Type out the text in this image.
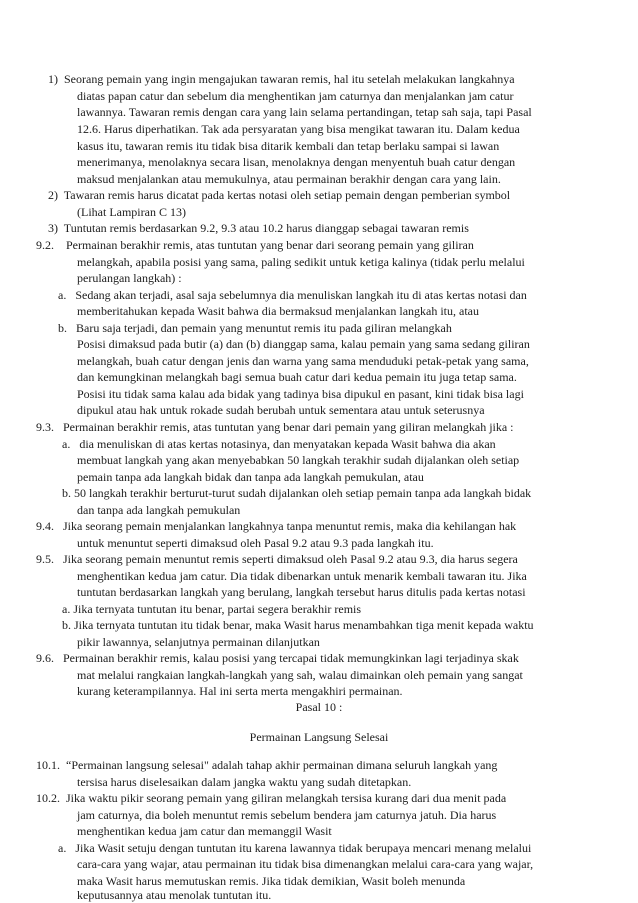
1)  Seorang pemain yang ingin mengajukan tawaran remis, hal itu setelah melakukan langkahnya
diatas papan catur dan sebelum dia menghentikan jam caturnya dan menjalankan jam catur
lawannya. Tawaran remis dengan cara yang lain selama pertandingan, tetap sah saja, tapi Pasal
12.6. Harus diperhatikan. Tak ada persyaratan yang bisa mengikat tawaran itu. Dalam kedua
kasus itu, tawaran remis itu tidak bisa ditarik kembali dan tetap berlaku sampai si lawan
menerimanya, menolaknya secara lisan, menolaknya dengan menyentuh buah catur dengan
maksud menjalankan atau memukulnya, atau permainan berakhir dengan cara yang lain.
2)  Tawaran remis harus dicatat pada kertas notasi oleh setiap pemain dengan pemberian symbol
(Lihat Lampiran C 13)
3)  Tuntutan remis berdasarkan 9.2, 9.3 atau 10.2 harus dianggap sebagai tawaran remis
9.2.    Permainan berakhir remis, atas tuntutan yang benar dari seorang pemain yang giliran
melangkah, apabila posisi yang sama, paling sedikit untuk ketiga kalinya (tidak perlu melalui
perulangan langkah) :
a.   Sedang akan terjadi, asal saja sebelumnya dia menuliskan langkah itu di atas kertas notasi dan
memberitahukan kepada Wasit bahwa dia bermaksud menjalankan langkah itu, atau
b.   Baru saja terjadi, dan pemain yang menuntut remis itu pada giliran melangkah
Posisi dimaksud pada butir (a) dan (b) dianggap sama, kalau pemain yang sama sedang giliran
melangkah, buah catur dengan jenis dan warna yang sama menduduki petak-petak yang sama,
dan kemungkinan melangkah bagi semua buah catur dari kedua pemain itu juga tetap sama.
Posisi itu tidak sama kalau ada bidak yang tadinya bisa dipukul en pasant, kini tidak bisa lagi
dipukul atau hak untuk rokade sudah berubah untuk sementara atau untuk seterusnya
9.3.   Permainan berakhir remis, atas tuntutan yang benar dari pemain yang giliran melangkah jika :
a.   dia menuliskan di atas kertas notasinya, dan menyatakan kepada Wasit bahwa dia akan
membuat langkah yang akan menyebabkan 50 langkah terakhir sudah dijalankan oleh setiap
pemain tanpa ada langkah bidak dan tanpa ada langkah pemukulan, atau
b. 50 langkah terakhir berturut-turut sudah dijalankan oleh setiap pemain tanpa ada langkah bidak
dan tanpa ada langkah pemukulan
9.4.   Jika seorang pemain menjalankan langkahnya tanpa menuntut remis, maka dia kehilangan hak
untuk menuntut seperti dimaksud oleh Pasal 9.2 atau 9.3 pada langkah itu.
9.5.   Jika seorang pemain menuntut remis seperti dimaksud oleh Pasal 9.2 atau 9.3, dia harus segera
menghentikan kedua jam catur. Dia tidak dibenarkan untuk menarik kembali tawaran itu. Jika
tuntutan berdasarkan langkah yang berulang, langkah tersebut harus ditulis pada kertas notasi
a. Jika ternyata tuntutan itu benar, partai segera berakhir remis
b. Jika ternyata tuntutan itu tidak benar, maka Wasit harus menambahkan tiga menit kepada waktu
pikir lawannya, selanjutnya permainan dilanjutkan
9.6.   Permainan berakhir remis, kalau posisi yang tercapai tidak memungkinkan lagi terjadinya skak
mat melalui rangkaian langkah-langkah yang sah, walau dimainkan oleh pemain yang sangat
kurang keterampilannya. Hal ini serta merta mengakhiri permainan.
Pasal 10 :
Permainan Langsung Selesai
10.1.  “Permainan langsung selesai" adalah tahap akhir permainan dimana seluruh langkah yang
tersisa harus diselesaikan dalam jangka waktu yang sudah ditetapkan.
10.2.  Jika waktu pikir seorang pemain yang giliran melangkah tersisa kurang dari dua menit pada
jam caturnya, dia boleh menuntut remis sebelum bendera jam caturnya jatuh. Dia harus
menghentikan kedua jam catur dan memanggil Wasit
a.   Jika Wasit setuju dengan tuntutan itu karena lawannya tidak berupaya mencari menang melalui
cara-cara yang wajar, atau permainan itu tidak bisa dimenangkan melalui cara-cara yang wajar,
maka Wasit harus memutuskan remis. Jika tidak demikian, Wasit boleh menunda
keputusannya atau menolak tuntutan itu.
